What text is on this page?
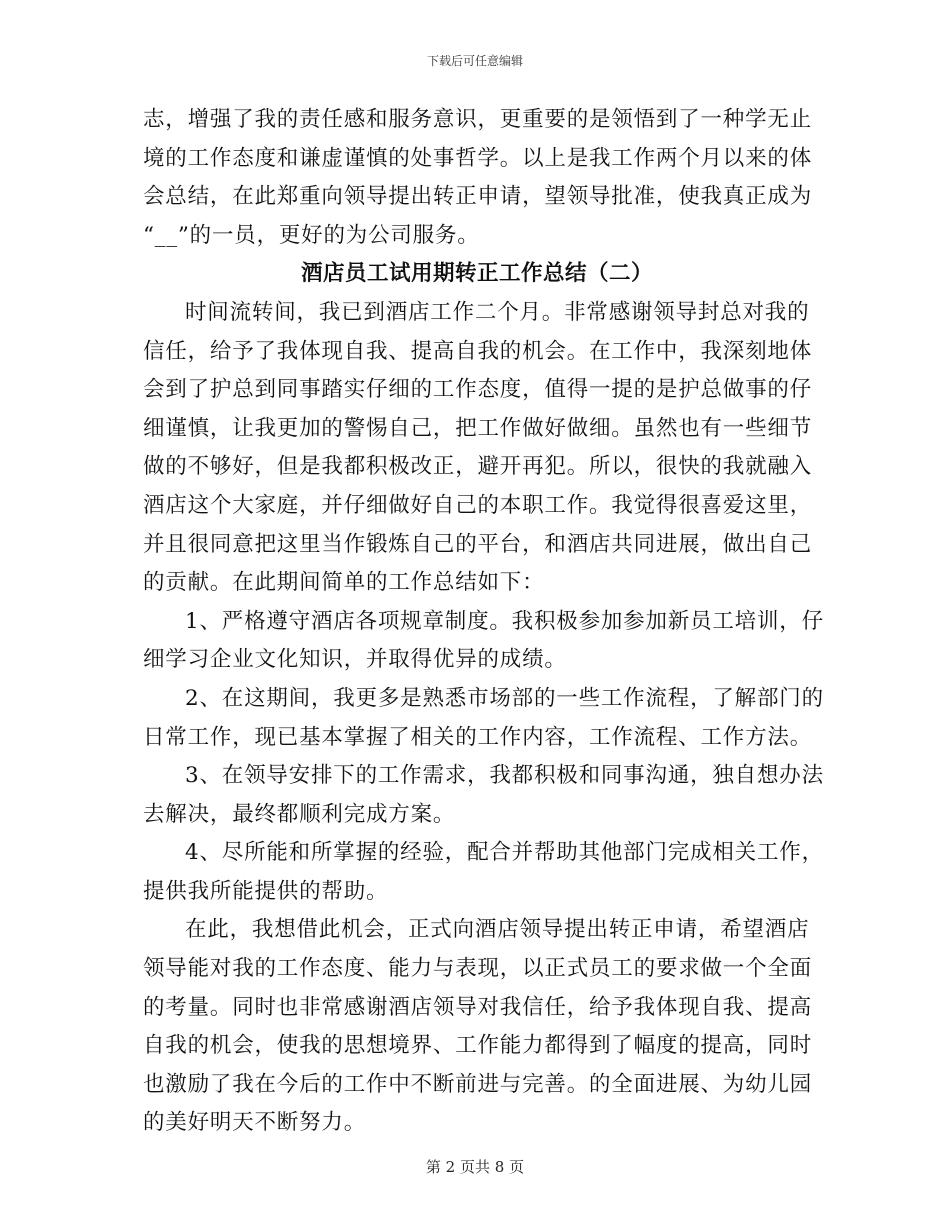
下载后可任意编辑
志，增强了我的责任感和服务意识，更重要的是领悟到了一种学无止
境的工作态度和谦虚谨慎的处事哲学。以上是我工作两个月以来的体
会总结，在此郑重向领导提出转正申请，望领导批准，使我真正成为
“__”的一员，更好的为公司服务。
酒店员工试用期转正工作总结（二）
时间流转间，我已到酒店工作二个月。非常感谢领导封总对我的
信任，给予了我体现自我、提高自我的机会。在工作中，我深刻地体
会到了护总到同事踏实仔细的工作态度，值得一提的是护总做事的仔
细谨慎，让我更加的警惕自己，把工作做好做细。虽然也有一些细节
做的不够好，但是我都积极改正，避开再犯。所以，很快的我就融入
酒店这个大家庭，并仔细做好自己的本职工作。我觉得很喜爱这里，
并且很同意把这里当作锻炼自己的平台，和酒店共同进展，做出自己
的贡献。在此期间简单的工作总结如下：
1、严格遵守酒店各项规章制度。我积极参加参加新员工培训，仔
细学习企业文化知识，并取得优异的成绩。
2、在这期间，我更多是熟悉市场部的一些工作流程，了解部门的
日常工作，现已基本掌握了相关的工作内容，工作流程、工作方法。
3、在领导安排下的工作需求，我都积极和同事沟通，独自想办法
去解决，最终都顺利完成方案。
4、尽所能和所掌握的经验，配合并帮助其他部门完成相关工作，
提供我所能提供的帮助。
在此，我想借此机会，正式向酒店领导提出转正申请，希望酒店
领导能对我的工作态度、能力与表现，以正式员工的要求做一个全面
的考量。同时也非常感谢酒店领导对我信任，给予我体现自我、提高
自我的机会，使我的思想境界、工作能力都得到了幅度的提高，同时
也激励了我在今后的工作中不断前进与完善。的全面进展、为幼儿园
的美好明天不断努力。
第 2 页共 8 页
